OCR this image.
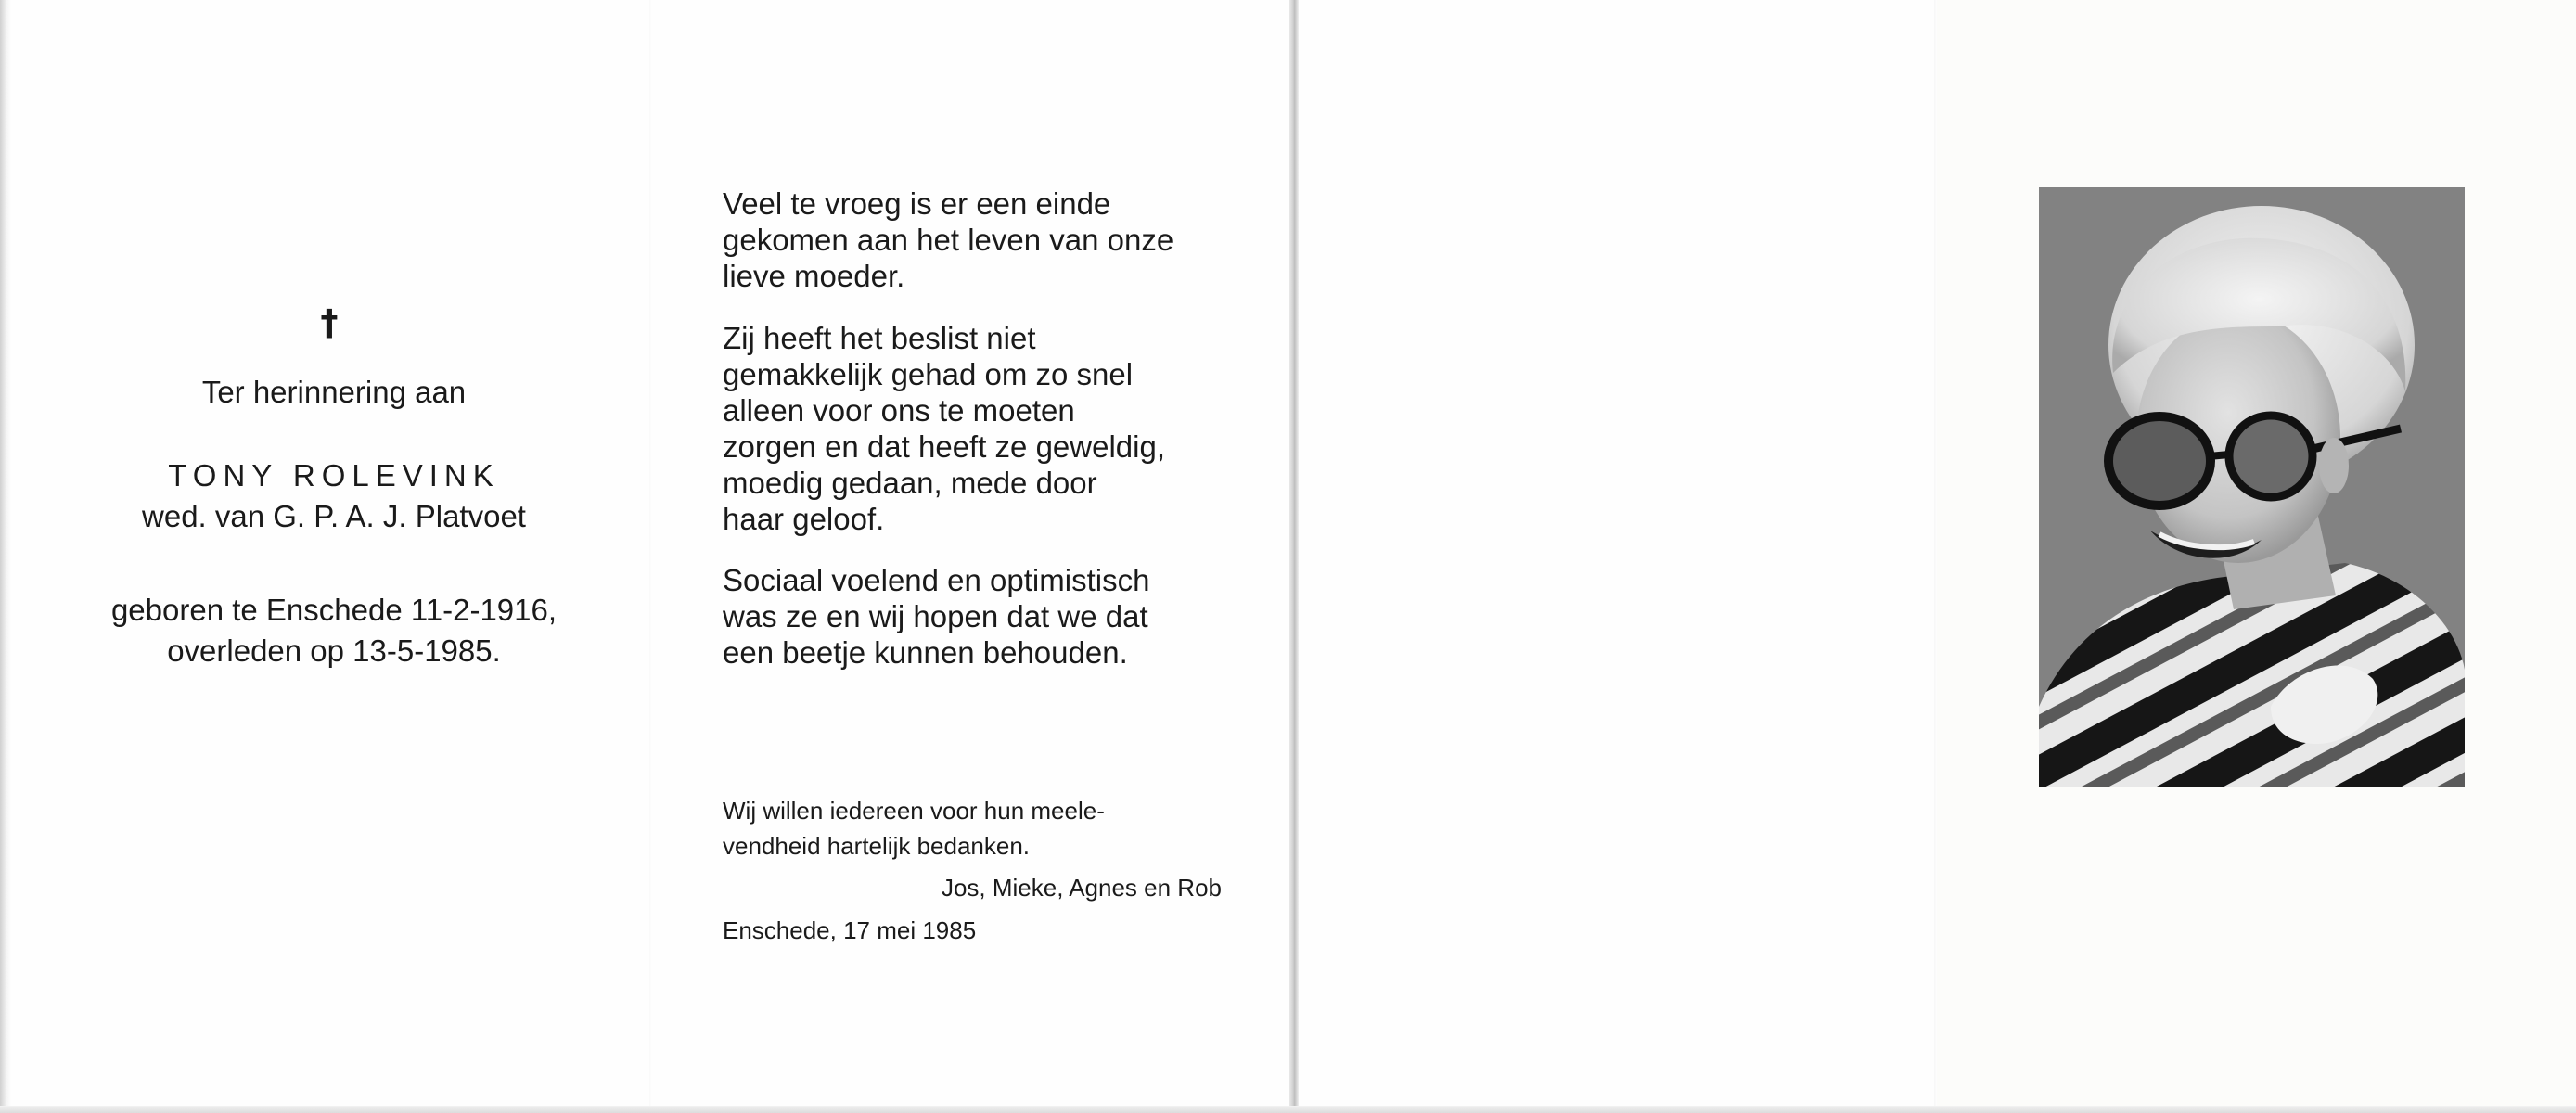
†
Ter herinnering aan
TONY ROLEVINK
wed. van G. P. A. J. Platvoet
geboren te Enschede 11-2-1916,
overleden op 13-5-1985.
Veel te vroeg is er een einde
gekomen aan het leven van onze
lieve moeder.
Zij heeft het beslist niet
gemakkelijk gehad om zo snel
alleen voor ons te moeten
zorgen en dat heeft ze geweldig,
moedig gedaan, mede door
haar geloof.
Sociaal voelend en optimistisch
was ze en wij hopen dat we dat
een beetje kunnen behouden.
Wij willen iedereen voor hun meele-
vendheid hartelijk bedanken.
Jos, Mieke, Agnes en Rob
Enschede, 17 mei 1985
